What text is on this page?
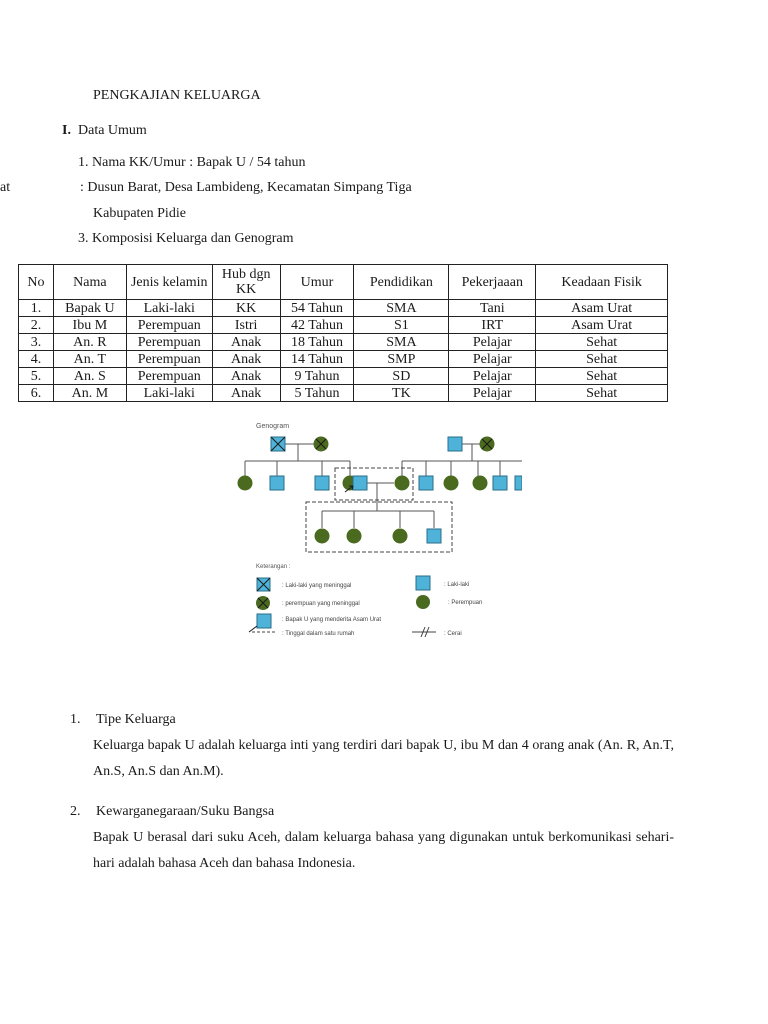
PENGKAJIAN KELUARGA
I. Data Umum
1. Nama KK/Umur : Bapak U / 54 tahun
at	: Dusun Barat, Desa Lambideng, Kecamatan Simpang Tiga
Kabupaten Pidie
3. Komposisi Keluarga dan Genogram
No	Nama	Jenis kelamin	Hub dgn KK	Umur	Pendidikan	Pekerjaaan	Keadaan Fisik
1.	Bapak U	Laki-laki	KK	54 Tahun	SMA	Tani	Asam Urat
2.	Ibu M	Perempuan	Istri	42 Tahun	S1	IRT	Asam Urat
3.	An. R	Perempuan	Anak	18 Tahun	SMA	Pelajar	Sehat
4.	An. T	Perempuan	Anak	14 Tahun	SMP	Pelajar	Sehat
5.	An. S	Perempuan	Anak	9 Tahun	SD	Pelajar	Sehat
6.	An. M	Laki-laki	Anak	5 Tahun	TK	Pelajar	Sehat
Genogram
Keterangan :
: Laki-laki yang meninggal
: perempuan yang meninggal
: Bapak U yang menderita Asam Urat
: Tinggal dalam satu rumah
: Laki-laki
: Perempuan
: Cerai
1. Tipe Keluarga
Keluarga bapak U adalah keluarga inti yang terdiri dari bapak U, ibu M dan 4 orang anak (An. R, An.T, An.S, An.S dan An.M).
2. Kewarganegaraan/Suku Bangsa
Bapak U berasal dari suku Aceh, dalam keluarga bahasa yang digunakan untuk berkomunikasi sehari-hari adalah bahasa Aceh dan bahasa Indonesia.
